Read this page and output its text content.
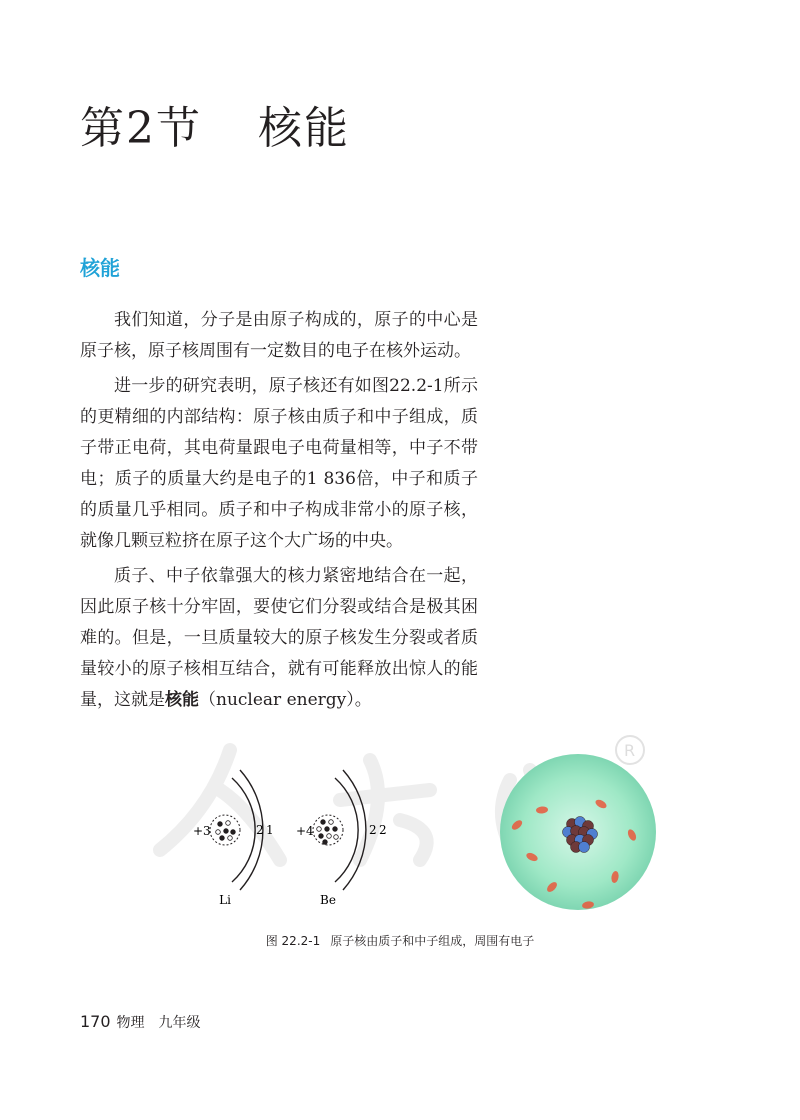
第2节 核能
核能

我们知道，分子是由原子构成的，原子的中心是原子核，原子核周围有一定数目的电子在核外运动。

进一步的研究表明，原子核还有如图22.2-1所示的更精细的内部结构：原子核由质子和中子组成，质子带正电荷，其电荷量跟电子电荷量相等，中子不带电；质子的质量大约是电子的1 836倍，中子和质子的质量几乎相同。质子和中子构成非常小的原子核，就像几颗豆粒挤在原子这个大广场的中央。

质子、中子依靠强大的核力紧密地结合在一起，因此原子核十分牢固，要使它们分裂或结合是极其困难的。但是，一旦质量较大的原子核发生分裂或者质量较小的原子核相互结合，就有可能释放出惊人的能量，这就是核能（nuclear energy）。

R
+3	2 1
Li
+4	2 2
Be
图 22.2-1 原子核由质子和中子组成，周围有电子
170 物理 九年级
